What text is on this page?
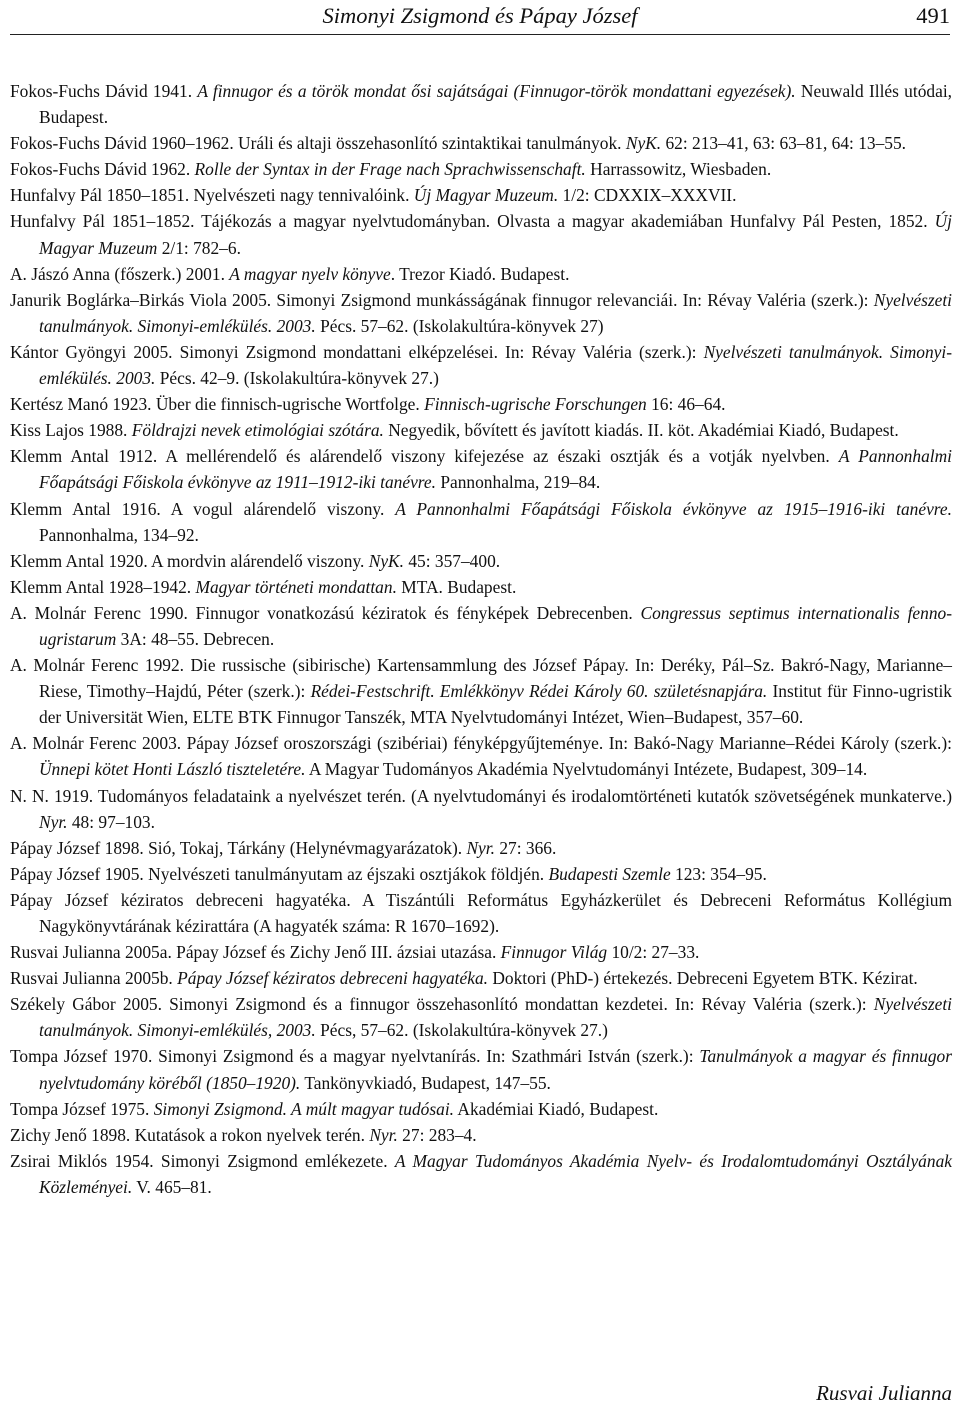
Simonyi Zsigmond és Pápay József	491

Fokos-Fuchs Dávid 1941. A finnugor és a török mondat ősi sajátságai (Finnugor-török mondattani egyezések). Neuwald Illés utódai, Budapest.

Fokos-Fuchs Dávid 1960–1962. Uráli és altaji összehasonlító szintaktikai tanulmányok. NyK. 62: 213–41, 63: 63–81, 64: 13–55.

Fokos-Fuchs Dávid 1962. Rolle der Syntax in der Frage nach Sprachwissenschaft. Harrassowitz, Wiesbaden.

Hunfalvy Pál 1850–1851. Nyelvészeti nagy tennivalóink. Új Magyar Muzeum. 1/2: CDXXIX–XXXVII.

Hunfalvy Pál 1851–1852. Tájékozás a magyar nyelvtudományban. Olvasta a magyar akademiában Hunfalvy Pál Pesten, 1852. Új Magyar Muzeum 2/1: 782–6.

A. Jászó Anna (főszerk.) 2001. A magyar nyelv könyve. Trezor Kiadó. Budapest.

Janurik Boglárka–Birkás Viola 2005. Simonyi Zsigmond munkásságának finnugor relevanciái. In: Révay Valéria (szerk.): Nyelvészeti tanulmányok. Simonyi-emlékülés. 2003. Pécs. 57–62. (Iskolakultúra-könyvek 27)

Kántor Gyöngyi 2005. Simonyi Zsigmond mondattani elképzelései. In: Révay Valéria (szerk.): Nyelvészeti tanulmányok. Simonyi-emlékülés. 2003. Pécs. 42–9. (Iskolakultúra-könyvek 27.)

Kertész Manó 1923. Über die finnisch-ugrische Wortfolge. Finnisch-ugrische Forschungen 16: 46–64.

Kiss Lajos 1988. Földrajzi nevek etimológiai szótára. Negyedik, bővített és javított kiadás. II. köt. Akadémiai Kiadó, Budapest.

Klemm Antal 1912. A mellérendelő és alárendelő viszony kifejezése az északi osztják és a votják nyelvben. A Pannonhalmi Főapátsági Főiskola évkönyve az 1911–1912-iki tanévre. Pannonhalma, 219–84.

Klemm Antal 1916. A vogul alárendelő viszony. A Pannonhalmi Főapátsági Főiskola évkönyve az 1915–1916-iki tanévre. Pannonhalma, 134–92.

Klemm Antal 1920. A mordvin alárendelő viszony. NyK. 45: 357–400.

Klemm Antal 1928–1942. Magyar történeti mondattan. MTA. Budapest.

A. Molnár Ferenc 1990. Finnugor vonatkozású kéziratok és fényképek Debrecenben. Congressus septimus internationalis fenno-ugristarum 3A: 48–55. Debrecen.

A. Molnár Ferenc 1992. Die russische (sibirische) Kartensammlung des József Pápay. In: Deréky, Pál–Sz. Bakró-Nagy, Marianne–Riese, Timothy–Hajdú, Péter (szerk.): Rédei-Festschrift. Emlékkönyv Rédei Károly 60. születésnapjára. Institut für Finno-ugristik der Universität Wien, ELTE BTK Finnugor Tanszék, MTA Nyelvtudományi Intézet, Wien–Budapest, 357–60.

A. Molnár Ferenc 2003. Pápay József oroszországi (szibériai) fényképgyűjteménye. In: Bakó-Nagy Marianne–Rédei Károly (szerk.): Ünnepi kötet Honti László tiszteletére. A Magyar Tudományos Akadémia Nyelvtudományi Intézete, Budapest, 309–14.

N. N. 1919. Tudományos feladataink a nyelvészet terén. (A nyelvtudományi és irodalomtörténeti kutatók szövetségének munkaterve.) Nyr. 48: 97–103.

Pápay József 1898. Sió, Tokaj, Tárkány (Helynévmagyarázatok). Nyr. 27: 366.

Pápay József 1905. Nyelvészeti tanulmányutam az éjszaki osztjákok földjén. Budapesti Szemle 123: 354–95.

Pápay József kéziratos debreceni hagyatéka. A Tiszántúli Református Egyházkerület és Debreceni Református Kollégium Nagykönyvtárának kézirattára (A hagyaték száma: R 1670–1692).

Rusvai Julianna 2005a. Pápay József és Zichy Jenő III. ázsiai utazása. Finnugor Világ 10/2: 27–33.

Rusvai Julianna 2005b. Pápay József kéziratos debreceni hagyatéka. Doktori (PhD-) értekezés. Debreceni Egyetem BTK. Kézirat.

Székely Gábor 2005. Simonyi Zsigmond és a finnugor összehasonlító mondattan kezdetei. In: Révay Valéria (szerk.): Nyelvészeti tanulmányok. Simonyi-emlékülés, 2003. Pécs, 57–62. (Iskolakultúra-könyvek 27.)

Tompa József 1970. Simonyi Zsigmond és a magyar nyelvtanírás. In: Szathmári István (szerk.): Tanulmányok a magyar és finnugor nyelvtudomány köréből (1850–1920). Tankönyvkiadó, Budapest, 147–55.

Tompa József 1975. Simonyi Zsigmond. A múlt magyar tudósai. Akadémiai Kiadó, Budapest.

Zichy Jenő 1898. Kutatások a rokon nyelvek terén. Nyr. 27: 283–4.

Zsirai Miklós 1954. Simonyi Zsigmond emlékezete. A Magyar Tudományos Akadémia Nyelv- és Irodalomtudományi Osztályának Közleményei. V. 465–81.

Rusvai Julianna
